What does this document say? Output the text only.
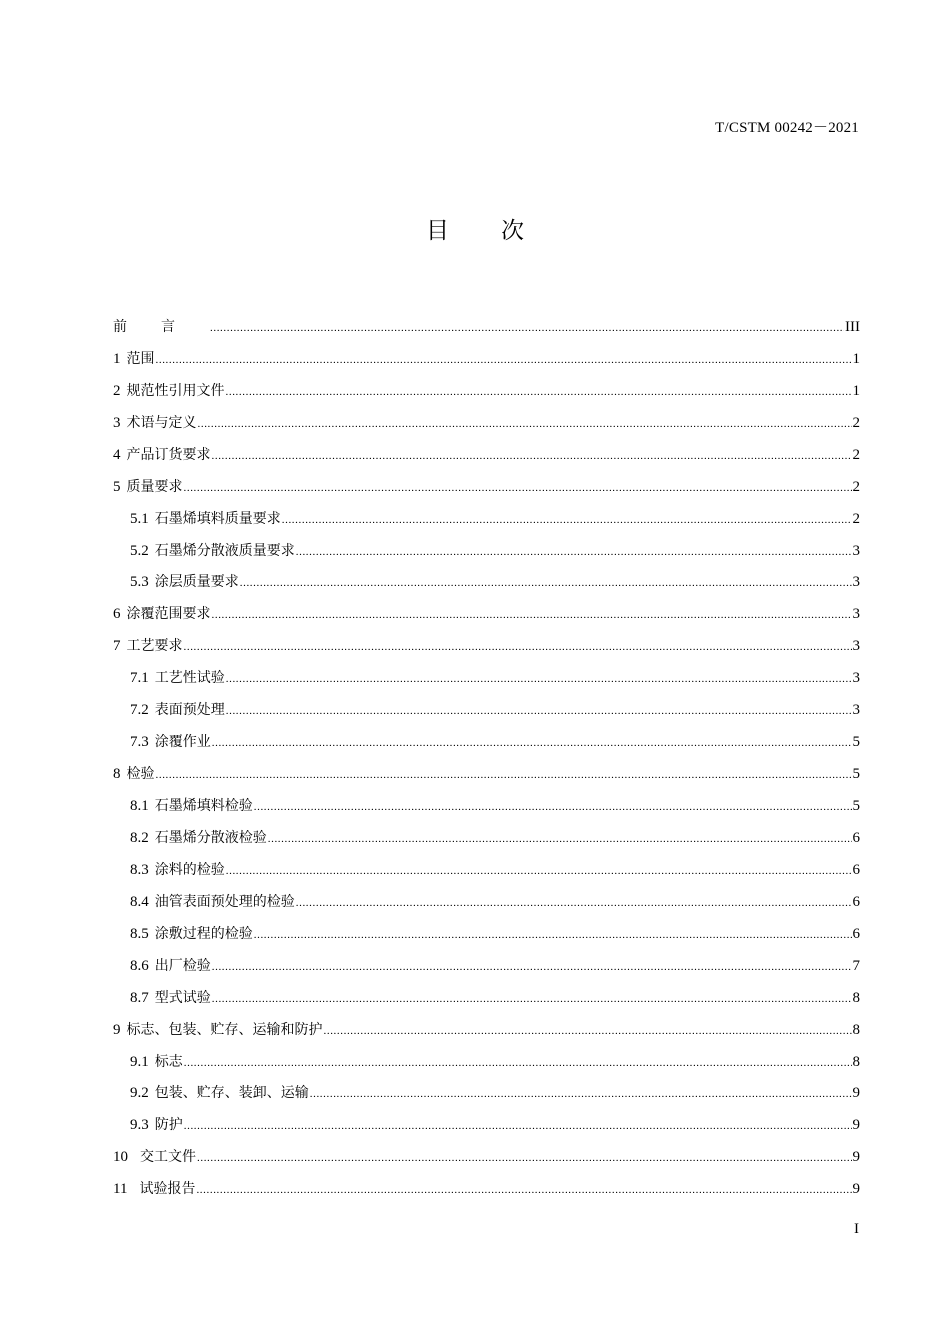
T/CSTM 00242－2021
目 次
前言 .....	III
1 范围 .....	1
2 规范性引用文件 .....	1
3 术语与定义 .....	2
4 产品订货要求 .....	2
5 质量要求 .....	2
5.1 石墨烯填料质量要求 .....	2
5.2 石墨烯分散液质量要求 .....	3
5.3 涂层质量要求 .....	3
6 涂覆范围要求 .....	3
7 工艺要求 .....	3
7.1 工艺性试验 .....	3
7.2 表面预处理 .....	3
7.3 涂覆作业 .....	5
8 检验 .....	5
8.1 石墨烯填料检验 .....	5
8.2 石墨烯分散液检验 .....	6
8.3 涂料的检验 .....	6
8.4 油管表面预处理的检验 .....	6
8.5 涂敷过程的检验 .....	6
8.6 出厂检验 .....	7
8.7 型式试验 .....	8
9 标志、包装、贮存、运输和防护 .....	8
9.1 标志 .....	8
9.2 包装、贮存、装卸、运输 .....	9
9.3 防护 .....	9
10 交工文件 .....	9
11 试验报告 .....	9
I
